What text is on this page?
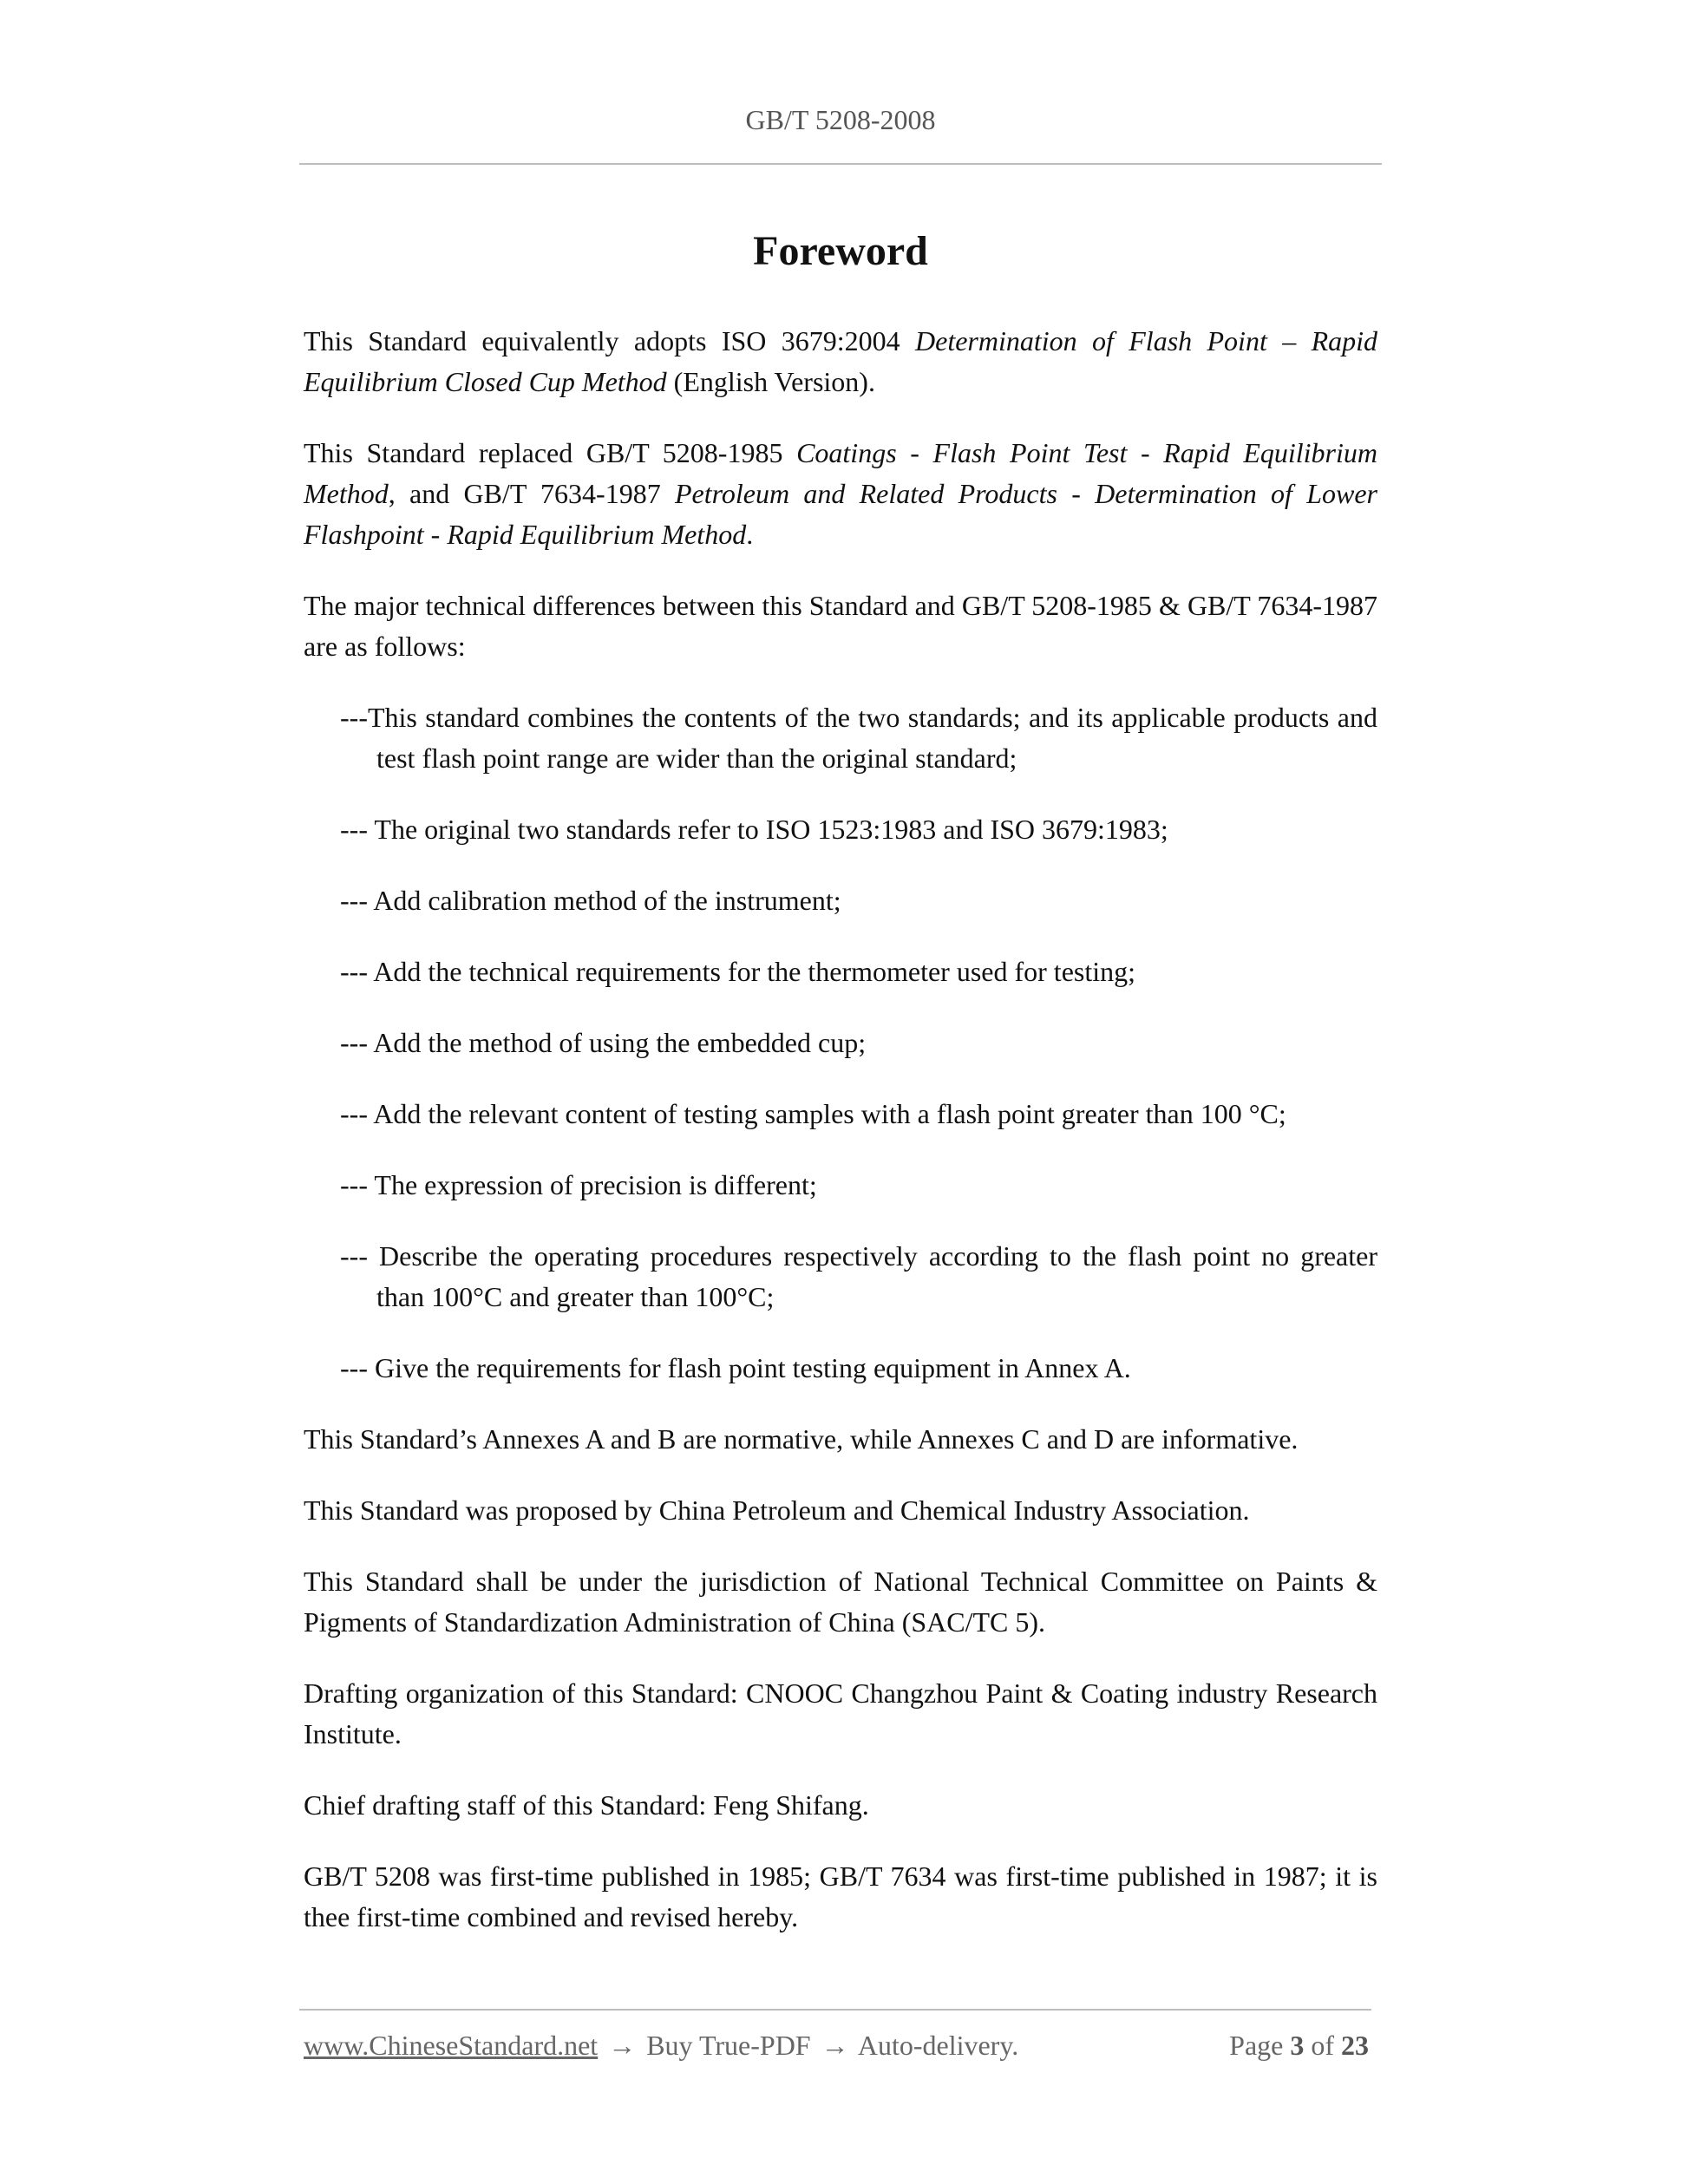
GB/T 5208-2008
Foreword

This Standard equivalently adopts ISO 3679:2004 Determination of Flash Point – Rapid Equilibrium Closed Cup Method (English Version).

This Standard replaced GB/T 5208-1985 Coatings - Flash Point Test - Rapid Equilibrium Method, and GB/T 7634-1987 Petroleum and Related Products - Determination of Lower Flashpoint - Rapid Equilibrium Method.

The major technical differences between this Standard and GB/T 5208-1985 & GB/T 7634-1987 are as follows:

---This standard combines the contents of the two standards; and its applicable products and test flash point range are wider than the original standard;

--- The original two standards refer to ISO 1523:1983 and ISO 3679:1983;

--- Add calibration method of the instrument;

--- Add the technical requirements for the thermometer used for testing;

--- Add the method of using the embedded cup;

--- Add the relevant content of testing samples with a flash point greater than 100 °C;

--- The expression of precision is different;

--- Describe the operating procedures respectively according to the flash point no greater than 100°C and greater than 100°C;

--- Give the requirements for flash point testing equipment in Annex A.

This Standard’s Annexes A and B are normative, while Annexes C and D are informative.

This Standard was proposed by China Petroleum and Chemical Industry Association.

This Standard shall be under the jurisdiction of National Technical Committee on Paints & Pigments of Standardization Administration of China (SAC/TC 5).

Drafting organization of this Standard: CNOOC Changzhou Paint & Coating industry Research Institute.

Chief drafting staff of this Standard: Feng Shifang.

GB/T 5208 was first-time published in 1985; GB/T 7634 was first-time published in 1987; it is thee first-time combined and revised hereby.

www.ChineseStandard.net → Buy True-PDF → Auto-delivery.	Page 3 of 23
